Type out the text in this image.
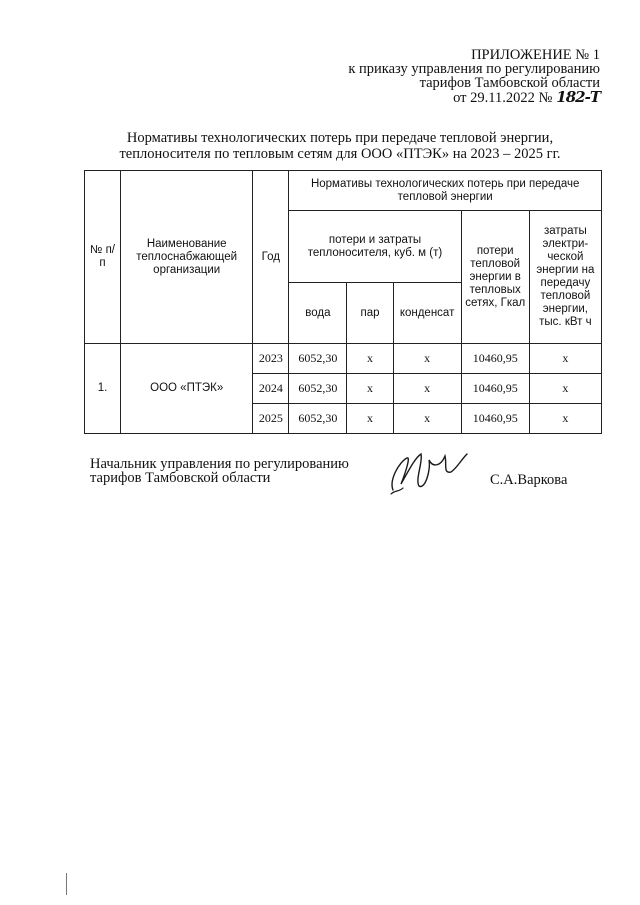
ПРИЛОЖЕНИЕ № 1
к приказу управления по регулированию
тарифов Тамбовской области
от 29.11.2022 № 182-Т
Нормативы технологических потерь при передаче тепловой энергии,
теплоносителя по тепловым сетям для ООО «ПТЭК» на 2023 – 2025 гг.
№ п/п	Наименование теплоснабжающей организации	Год	Нормативы технологических потерь при передаче тепловой энергии				
			потери и затраты теплоносителя, куб. м (т)			потери тепловой энергии в тепловых сетях, Гкал	затраты электри-ческой энергии на передачу тепловой энергии, тыс. кВт ч
			вода	пар	конденсат		
1.	ООО «ПТЭК»	2023	6052,30	х	х	10460,95	х
		2024	6052,30	х	х	10460,95	х
		2025	6052,30	х	х	10460,95	х
Начальник управления по регулированию
тарифов Тамбовской области	С.А.Варкова
